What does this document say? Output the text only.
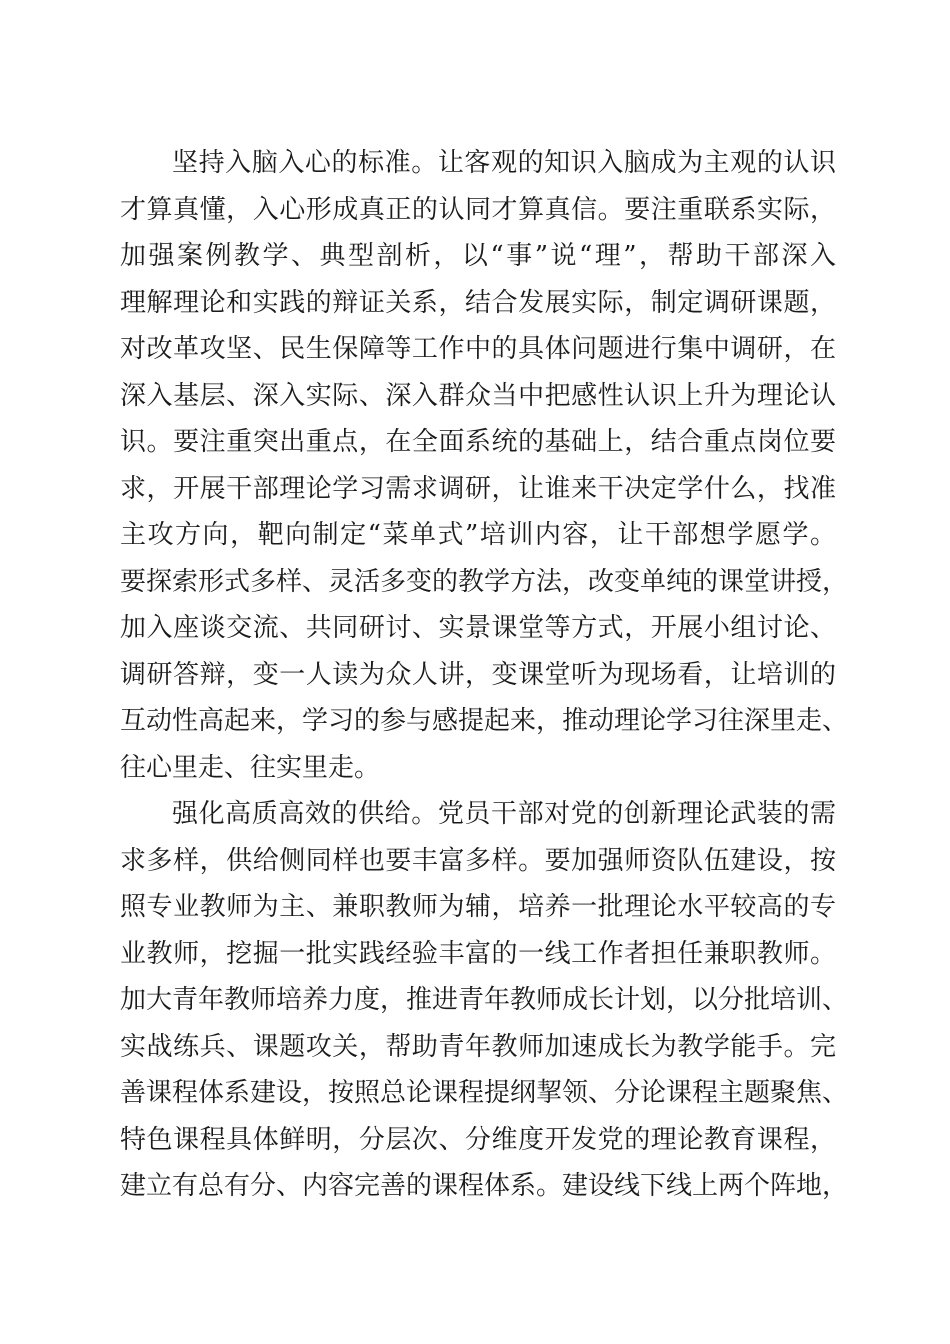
坚持入脑入心的标准。让客观的知识入脑成为主观的认识
才算真懂，入心形成真正的认同才算真信。要注重联系实际，
加强案例教学、典型剖析，以“事”说“理”，帮助干部深入
理解理论和实践的辩证关系，结合发展实际，制定调研课题，
对改革攻坚、民生保障等工作中的具体问题进行集中调研，在
深入基层、深入实际、深入群众当中把感性认识上升为理论认
识。要注重突出重点，在全面系统的基础上，结合重点岗位要
求，开展干部理论学习需求调研，让谁来干决定学什么，找准
主攻方向，靶向制定“菜单式”培训内容，让干部想学愿学。
要探索形式多样、灵活多变的教学方法，改变单纯的课堂讲授，
加入座谈交流、共同研讨、实景课堂等方式，开展小组讨论、
调研答辩，变一人读为众人讲，变课堂听为现场看，让培训的
互动性高起来，学习的参与感提起来，推动理论学习往深里走、
往心里走、往实里走。
强化高质高效的供给。党员干部对党的创新理论武装的需
求多样，供给侧同样也要丰富多样。要加强师资队伍建设，按
照专业教师为主、兼职教师为辅，培养一批理论水平较高的专
业教师，挖掘一批实践经验丰富的一线工作者担任兼职教师。
加大青年教师培养力度，推进青年教师成长计划，以分批培训、
实战练兵、课题攻关，帮助青年教师加速成长为教学能手。完
善课程体系建设，按照总论课程提纲挈领、分论课程主题聚焦、
特色课程具体鲜明，分层次、分维度开发党的理论教育课程，
建立有总有分、内容完善的课程体系。建设线下线上两个阵地，
